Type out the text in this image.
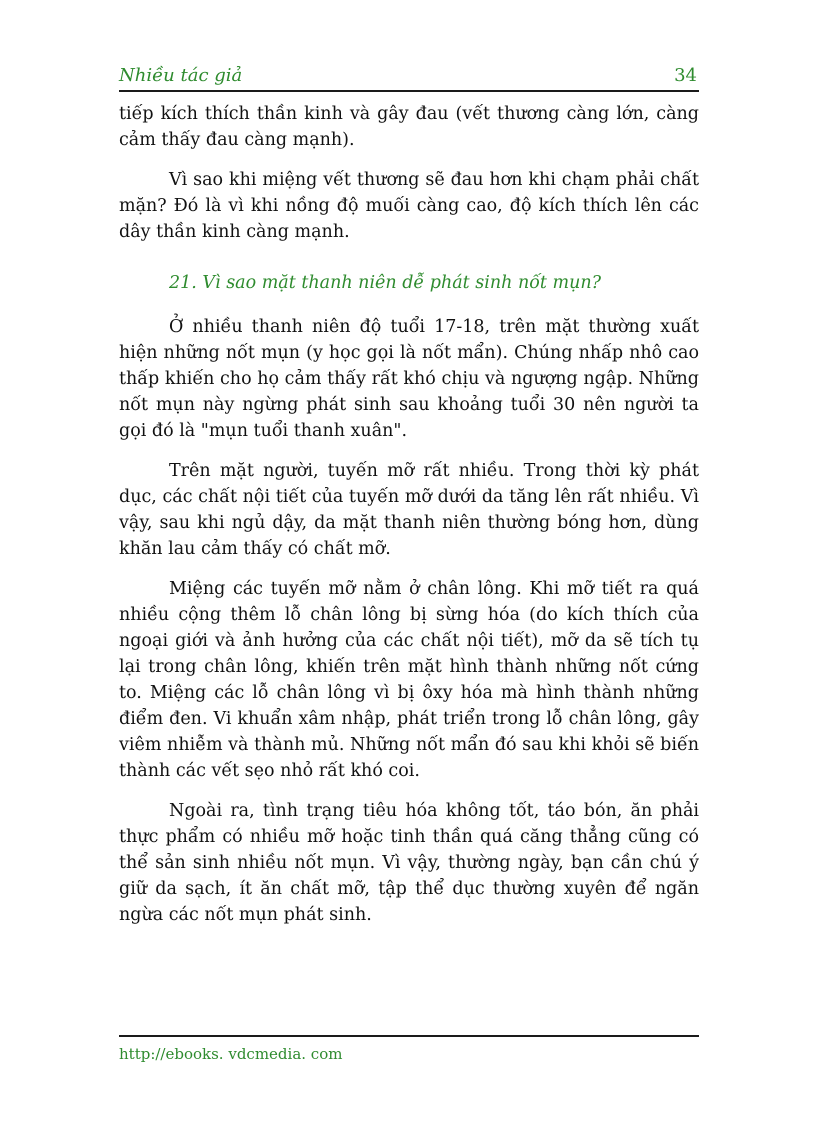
Nhiều tác giả	34

tiếp kích thích thần kinh và gây đau (vết thương càng lớn, càng cảm thấy đau càng mạnh).

Vì sao khi miệng vết thương sẽ đau hơn khi chạm phải chất mặn? Đó là vì khi nồng độ muối càng cao, độ kích thích lên các dây thần kinh càng mạnh.

21. Vì sao mặt thanh niên dễ phát sinh nốt mụn?

Ở nhiều thanh niên độ tuổi 17-18, trên mặt thường xuất hiện những nốt mụn (y học gọi là nốt mẩn). Chúng nhấp nhô cao thấp khiến cho họ cảm thấy rất khó chịu và ngượng ngập. Những nốt mụn này ngừng phát sinh sau khoảng tuổi 30 nên người ta gọi đó là "mụn tuổi thanh xuân".

Trên mặt người, tuyến mỡ rất nhiều. Trong thời kỳ phát dục, các chất nội tiết của tuyến mỡ dưới da tăng lên rất nhiều. Vì vậy, sau khi ngủ dậy, da mặt thanh niên thường bóng hơn, dùng khăn lau cảm thấy có chất mỡ.

Miệng các tuyến mỡ nằm ở chân lông. Khi mỡ tiết ra quá nhiều cộng thêm lỗ chân lông bị sừng hóa (do kích thích của ngoại giới và ảnh hưởng của các chất nội tiết), mỡ da sẽ tích tụ lại trong chân lông, khiến trên mặt hình thành những nốt cứng to. Miệng các lỗ chân lông vì bị ôxy hóa mà hình thành những điểm đen. Vi khuẩn xâm nhập, phát triển trong lỗ chân lông, gây viêm nhiễm và thành mủ. Những nốt mẩn đó sau khi khỏi sẽ biến thành các vết sẹo nhỏ rất khó coi.

Ngoài ra, tình trạng tiêu hóa không tốt, táo bón, ăn phải thực phẩm có nhiều mỡ hoặc tinh thần quá căng thẳng cũng có thể sản sinh nhiều nốt mụn. Vì vậy, thường ngày, bạn cần chú ý giữ da sạch, ít ăn chất mỡ, tập thể dục thường xuyên để ngăn ngừa các nốt mụn phát sinh.

http://ebooks. vdcmedia. com
